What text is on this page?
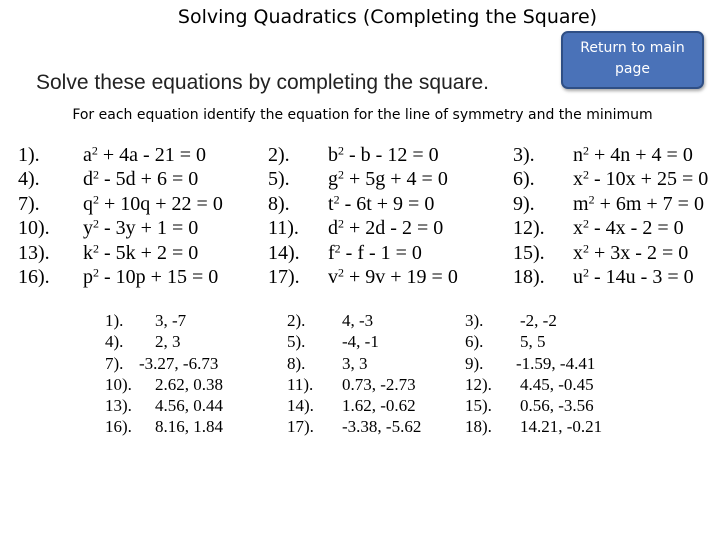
Solving Quadratics (Completing the Square)
Return to main page
Solve these equations by completing the square.
For each equation identify the equation for the line of symmetry and the minimum
1). $a^2 + 4a - 21 = 0$	2). $b^2 - b - 12 = 0$	3). $n^2 + 4n + 4 = 0$
4). $d^2 - 5d + 6 = 0$	5). $g^2 + 5g + 4 = 0$	6). $x^2 - 10x + 25 = 0$
7). $q^2 + 10q + 22 = 0$ 8). $t^2 - 6t + 9 = 0$	9). $m^2 + 6m + 7 = 0$
10). $y^2 - 3y + 1 = 0$	11). $d^2 + 2d - 2 = 0$	12). $x^2 - 4x - 2 = 0$
13). $k^2 - 5k + 2 = 0$	14). $f^2 - f - 1 = 0$	15). $x^2 + 3x - 2 = 0$
16). $p^2 - 10p + 15 = 0$ 17). $v^2 + 9v + 19 = 0$	18). $u^2 - 14u - 3 = 0$
1). 3, -7	2). 4, -3	3). -2, -2
4). 2, 3	5). -4, -1	6). 5, 5
7). -3.27, -6.73	8). 3, 3	9). -1.59, -4.41
10). 2.62, 0.38	11). 0.73, -2.73	12). 4.45, -0.45
13). 4.56, 0.44	14). 1.62, -0.62	15). 0.56, -3.56
16). 8.16, 1.84	17). -3.38, -5.62	18). 14.21, -0.21
